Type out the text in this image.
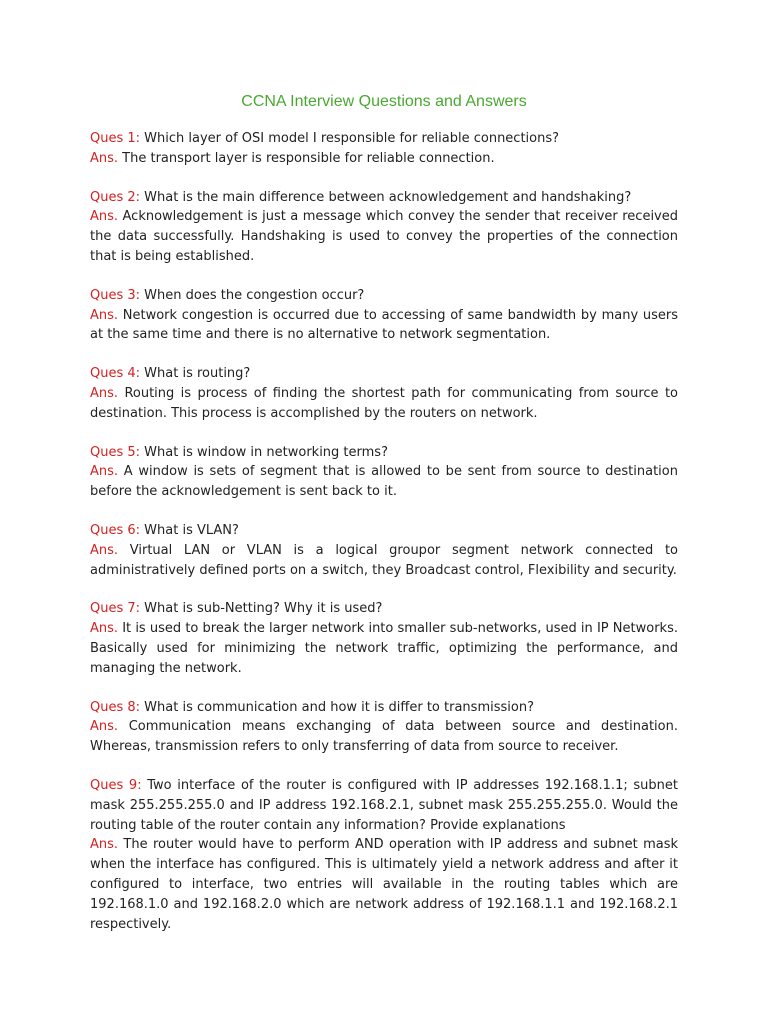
CCNA Interview Questions and Answers

Ques 1: Which layer of OSI model I responsible for reliable connections?

Ans. The transport layer is responsible for reliable connection.

Ques 2: What is the main difference between acknowledgement and handshaking?

Ans. Acknowledgement is just a message which convey the sender that receiver received the data successfully. Handshaking is used to convey the properties of the connection that is being established.

Ques 3: When does the congestion occur?

Ans. Network congestion is occurred due to accessing of same bandwidth by many users at the same time and there is no alternative to network segmentation.

Ques 4: What is routing?

Ans. Routing is process of finding the shortest path for communicating from source to destination. This process is accomplished by the routers on network.

Ques 5: What is window in networking terms?

Ans. A window is sets of segment that is allowed to be sent from source to destination before the acknowledgement is sent back to it.

Ques 6: What is VLAN?

Ans. Virtual LAN or VLAN is a logical groupor segment network connected to administratively defined ports on a switch, they Broadcast control, Flexibility and security.

Ques 7: What is sub-Netting? Why it is used?

Ans. It is used to break the larger network into smaller sub-networks, used in IP Networks. Basically used for minimizing the network traffic, optimizing the performance, and managing the network.

Ques 8: What is communication and how it is differ to transmission?

Ans. Communication means exchanging of data between source and destination. Whereas, transmission refers to only transferring of data from source to receiver.

Ques 9: Two interface of the router is configured with IP addresses 192.168.1.1; subnet mask 255.255.255.0 and IP address 192.168.2.1, subnet mask 255.255.255.0. Would the routing table of the router contain any information? Provide explanations

Ans. The router would have to perform AND operation with IP address and subnet mask when the interface has configured. This is ultimately yield a network address and after it configured to interface, two entries will available in the routing tables which are 192.168.1.0 and 192.168.2.0 which are network address of 192.168.1.1 and 192.168.2.1 respectively.
